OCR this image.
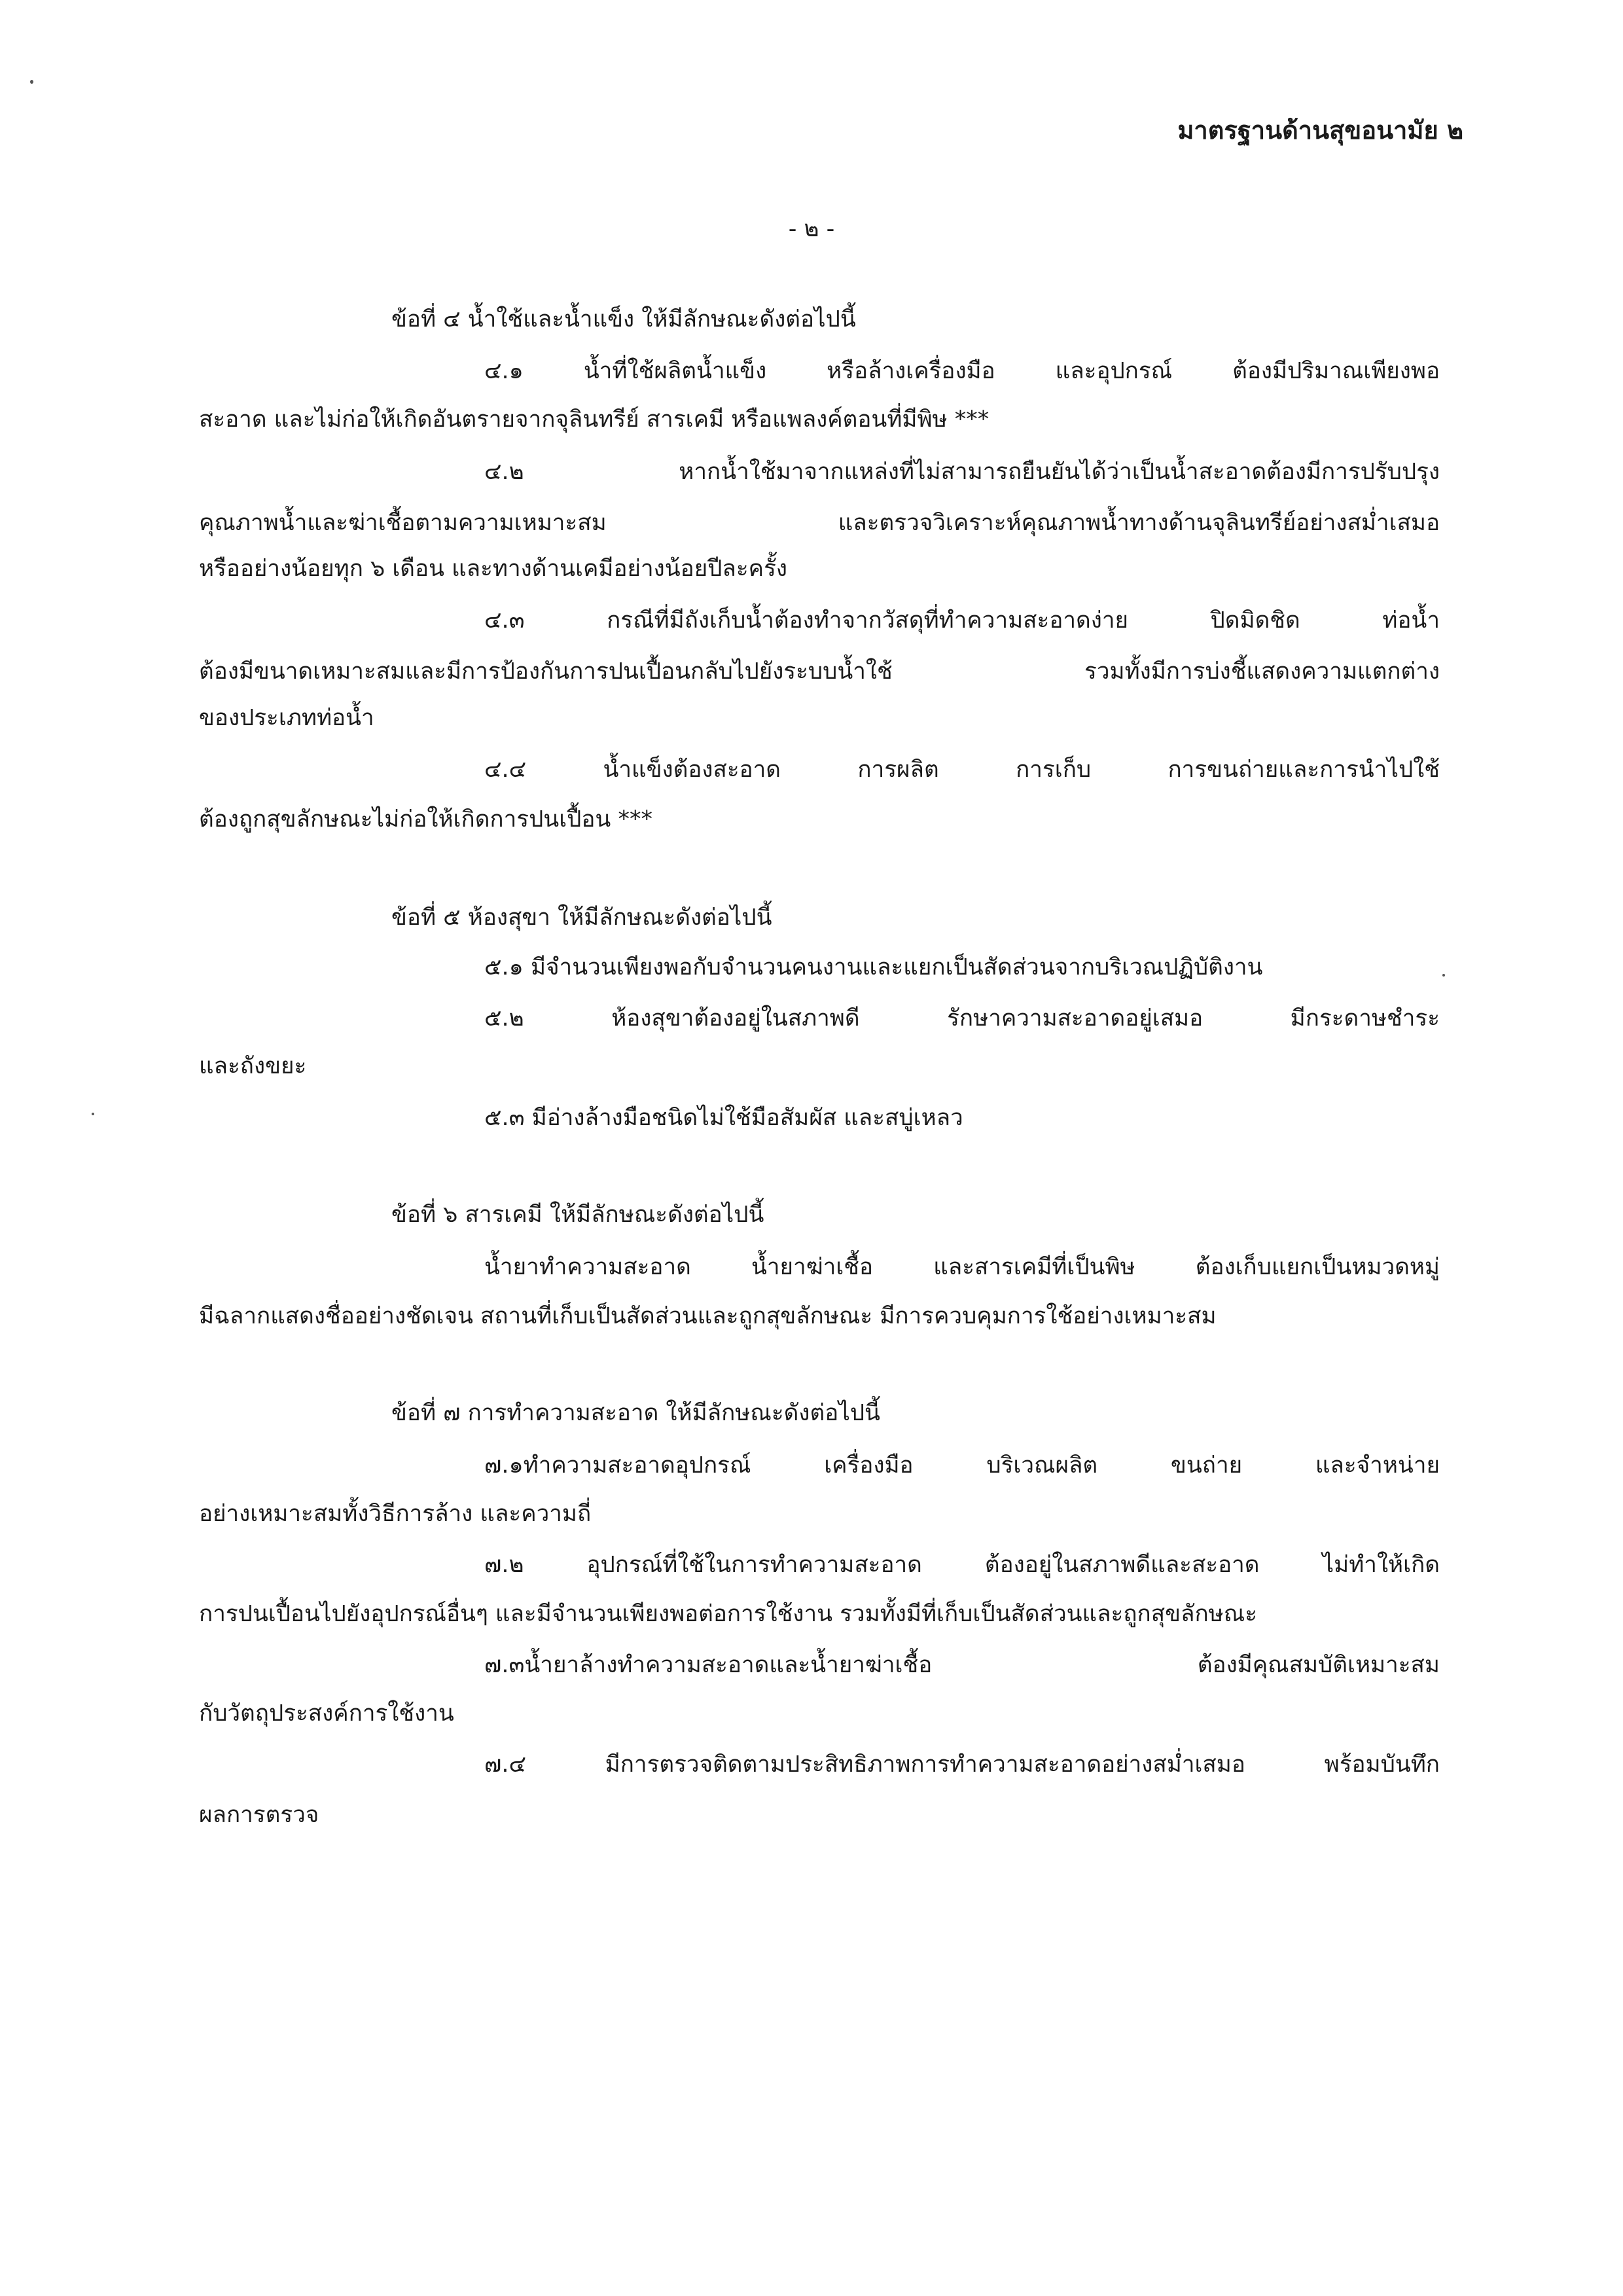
มาตรฐานด้านสุขอนามัย ๒
- ๒ -
ข้อที่ ๔ น้ำใช้และน้ำแข็ง ให้มีลักษณะดังต่อไปนี้
๔.๑ น้ำที่ใช้ผลิตน้ำแข็ง หรือล้างเครื่องมือ และอุปกรณ์ ต้องมีปริมาณเพียงพอ
สะอาด และไม่ก่อให้เกิดอันตรายจากจุลินทรีย์ สารเคมี หรือแพลงค์ตอนที่มีพิษ ***
๔.๒ หากน้ำใช้มาจากแหล่งที่ไม่สามารถยืนยันได้ว่าเป็นน้ำสะอาดต้องมีการปรับปรุง
คุณภาพน้ำและฆ่าเชื้อตามความเหมาะสม และตรวจวิเคราะห์คุณภาพน้ำทางด้านจุลินทรีย์อย่างสม่ำเสมอ
หรืออย่างน้อยทุก ๖ เดือน และทางด้านเคมีอย่างน้อยปีละครั้ง
๔.๓ กรณีที่มีถังเก็บน้ำต้องทำจากวัสดุที่ทำความสะอาดง่าย ปิดมิดชิด ท่อน้ำ
ต้องมีขนาดเหมาะสมและมีการป้องกันการปนเปื้อนกลับไปยังระบบน้ำใช้ รวมทั้งมีการบ่งชี้แสดงความแตกต่าง
ของประเภทท่อน้ำ
๔.๔ น้ำแข็งต้องสะอาด การผลิต การเก็บ การขนถ่ายและการนำไปใช้
ต้องถูกสุขลักษณะไม่ก่อให้เกิดการปนเปื้อน ***
ข้อที่ ๕ ห้องสุขา ให้มีลักษณะดังต่อไปนี้
๕.๑ มีจำนวนเพียงพอกับจำนวนคนงานและแยกเป็นสัดส่วนจากบริเวณปฏิบัติงาน
๕.๒ ห้องสุขาต้องอยู่ในสภาพดี รักษาความสะอาดอยู่เสมอ มีกระดาษชำระ
และถังขยะ
๕.๓ มีอ่างล้างมือชนิดไม่ใช้มือสัมผัส และสบู่เหลว
ข้อที่ ๖ สารเคมี ให้มีลักษณะดังต่อไปนี้
น้ำยาทำความสะอาด น้ำยาฆ่าเชื้อ และสารเคมีที่เป็นพิษ ต้องเก็บแยกเป็นหมวดหมู่
มีฉลากแสดงชื่ออย่างชัดเจน สถานที่เก็บเป็นสัดส่วนและถูกสุขลักษณะ มีการควบคุมการใช้อย่างเหมาะสม
ข้อที่ ๗ การทำความสะอาด ให้มีลักษณะดังต่อไปนี้
๗.๑ทำความสะอาดอุปกรณ์ เครื่องมือ บริเวณผลิต ขนถ่าย และจำหน่าย
อย่างเหมาะสมทั้งวิธีการล้าง และความถี่
๗.๒ อุปกรณ์ที่ใช้ในการทำความสะอาด ต้องอยู่ในสภาพดีและสะอาด ไม่ทำให้เกิด
การปนเปื้อนไปยังอุปกรณ์อื่นๆ และมีจำนวนเพียงพอต่อการใช้งาน รวมทั้งมีที่เก็บเป็นสัดส่วนและถูกสุขลักษณะ
๗.๓น้ำยาล้างทำความสะอาดและน้ำยาฆ่าเชื้อ ต้องมีคุณสมบัติเหมาะสม
กับวัตถุประสงค์การใช้งาน
๗.๔ มีการตรวจติดตามประสิทธิภาพการทำความสะอาดอย่างสม่ำเสมอ พร้อมบันทึก
ผลการตรวจ
